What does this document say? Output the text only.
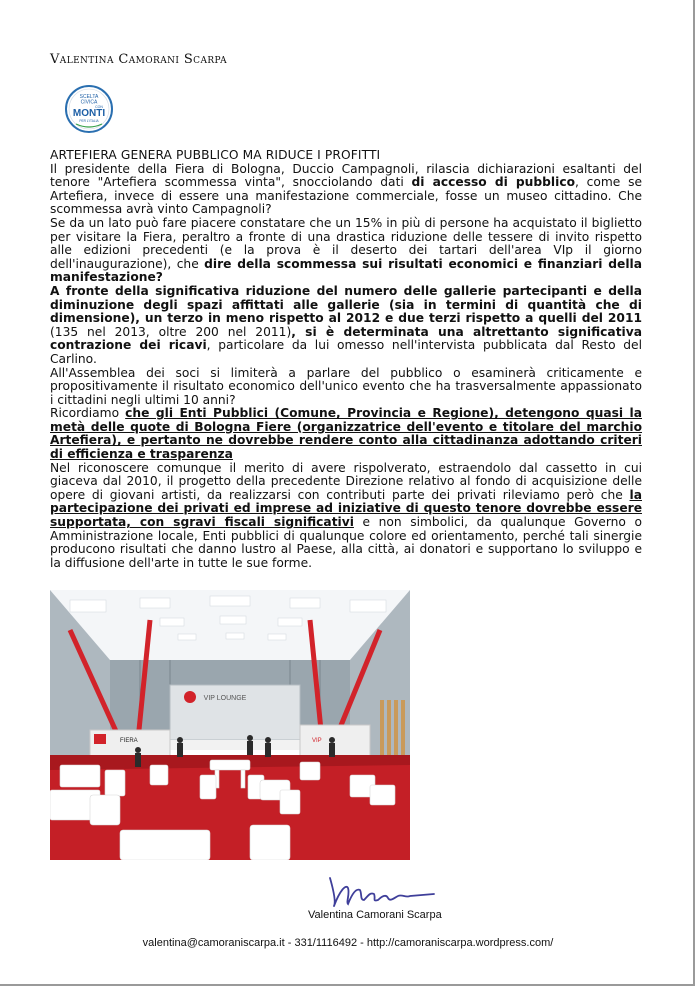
Valentina Camorani Scarpa
SCELTA
CIVICA
CON
MONTI
PER L'ITALIA

ARTEFIERA GENERA PUBBLICO MA RIDUCE I PROFITTI

Il presidente della Fiera di Bologna, Duccio Campagnoli, rilascia dichiarazioni esaltanti del tenore "Artefiera scommessa vinta", snocciolando dati di accesso di pubblico, come se Artefiera, invece di essere una manifestazione commerciale, fosse un museo cittadino. Che scommessa avrà vinto Campagnoli?

Se da un lato può fare piacere constatare che un 15% in più di persone ha acquistato il biglietto per visitare la Fiera, peraltro a fronte di una drastica riduzione delle tessere di invito rispetto alle edizioni precedenti (e la prova è il deserto dei tartari dell'area VIp il giorno dell'inaugurazione), che dire della scommessa sui risultati economici e finanziari della manifestazione?

A fronte della significativa riduzione del numero delle gallerie partecipanti e della diminuzione degli spazi affittati alle gallerie (sia in termini di quantità che di dimensione), un terzo in meno rispetto al 2012 e due terzi rispetto a quelli del 2011 (135 nel 2013, oltre 200 nel 2011), si è determinata una altrettanto significativa contrazione dei ricavi, particolare da lui omesso nell'intervista pubblicata dal Resto del Carlino.

All'Assemblea dei soci si limiterà a parlare del pubblico o esaminerà criticamente e propositivamente il risultato economico dell'unico evento che ha trasversalmente appassionato i cittadini negli ultimi 10 anni?

Ricordiamo che gli Enti Pubblici (Comune, Provincia e Regione), detengono quasi la metà delle quote di Bologna Fiere (organizzatrice dell'evento e titolare del marchio Artefiera), e pertanto ne dovrebbe rendere conto alla cittadinanza adottando criteri di efficienza e trasparenza

Nel riconoscere comunque il merito di avere rispolverato, estraendolo dal cassetto in cui giaceva dal 2010, il progetto della precedente Direzione relativo al fondo di acquisizione delle opere di giovani artisti, da realizzarsi con contributi parte dei privati rileviamo però che la partecipazione dei privati ed imprese ad iniziative di questo tenore dovrebbe essere supportata, con sgravi fiscali significativi e non simbolici, da qualunque Governo o Amministrazione locale, Enti pubblici di qualunque colore ed orientamento, perché tali sinergie producono risultati che danno lustro al Paese, alla città, ai donatori e supportano lo sviluppo e la diffusione dell'arte in tutte le sue forme.

VIP LOUNGE
FIERA	VIP
Valentina Camorani Scarpa
valentina@camoraniscarpa.it - 331/1116492 - http://camoraniscarpa.wordpress.com/
